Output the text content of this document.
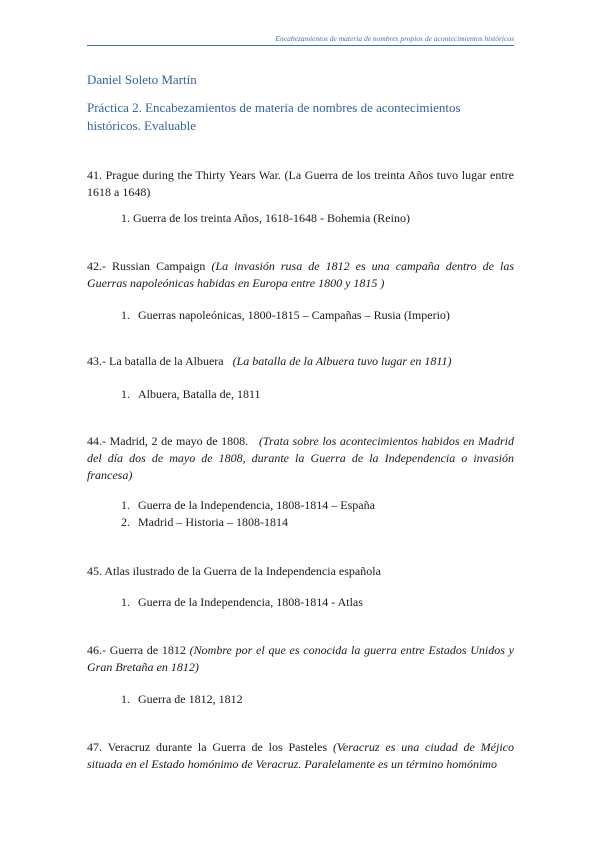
Encabezamientos de materia de nombres propios de acontecimientos históricos
Daniel Soleto Martín
Práctica 2. Encabezamientos de materia de nombres de acontecimientos históricos. Evaluable
41. Prague during the Thirty Years War. (La Guerra de los treinta Años tuvo lugar entre 1618 a 1648)
1. Guerra de los treinta Años, 1618-1648 - Bohemia (Reino)
42.- Russian Campaign (La invasión rusa de 1812 es una campaña dentro de las Guerras napoleónicas habidas en Europa entre 1800 y 1815 )
1. Guerras napoleónicas, 1800-1815 – Campañas – Rusia (Imperio)
43.- La batalla de la Albuera (La batalla de la Albuera tuvo lugar en 1811)
1. Albuera, Batalla de, 1811
44.- Madrid, 2 de mayo de 1808. (Trata sobre los acontecimientos habidos en Madrid del día dos de mayo de 1808, durante la Guerra de la Independencia o invasión francesa)
1. Guerra de la Independencia, 1808-1814 – España
2. Madrid – Historia – 1808-1814
45. Atlas ilustrado de la Guerra de la Independencia española
1. Guerra de la Independencia, 1808-1814 - Atlas
46.- Guerra de 1812 (Nombre por el que es conocida la guerra entre Estados Unidos y Gran Bretaña en 1812)
1. Guerra de 1812, 1812
47. Veracruz durante la Guerra de los Pasteles (Veracruz es una ciudad de Méjico situada en el Estado homónimo de Veracruz. Paralelamente es un término homónimo
